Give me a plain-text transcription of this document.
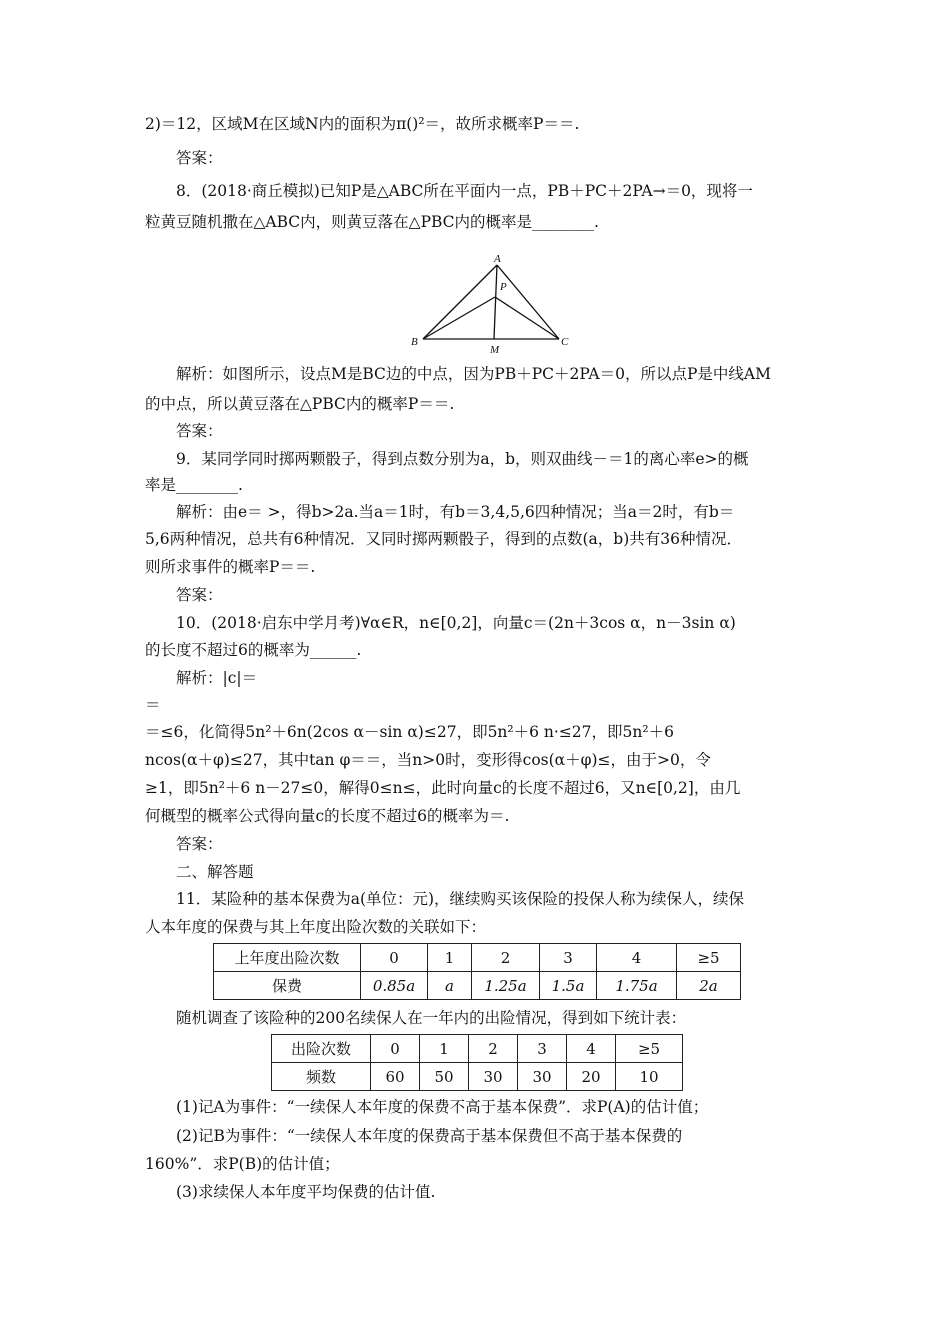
2)＝12，区域M在区域N内的面积为π()²＝，故所求概率P＝＝.
答案：
8．(2018·商丘模拟)已知P是△ABC所在平面内一点，PB＋PC＋2PA→＝0，现将一
粒黄豆随机撒在△ABC内，则黄豆落在△PBC内的概率是________.
A
B	C
P
M
解析：如图所示，设点M是BC边的中点，因为PB＋PC＋2PA＝0，所以点P是中线AM
的中点，所以黄豆落在△PBC内的概率P＝＝.
答案：
9．某同学同时掷两颗骰子，得到点数分别为a，b，则双曲线－＝1的离心率e>的概
率是________.
解析：由e＝ >，得b>2a.当a＝1时，有b＝3,4,5,6四种情况；当a＝2时，有b＝
5,6两种情况，总共有6种情况．又同时掷两颗骰子，得到的点数(a，b)共有36种情况．
则所求事件的概率P＝＝.
答案：
10．(2018·启东中学月考)∀α∈R，n∈[0,2]，向量c＝(2n＋3cos α，n－3sin α)
的长度不超过6的概率为______.
解析：|c|＝
＝
＝≤6，化简得5n²＋6n(2cos α－sin α)≤27，即5n²＋6 n·≤27，即5n²＋6
ncos(α＋φ)≤27，其中tan φ＝＝，当n>0时，变形得cos(α＋φ)≤，由于>0，令
≥1，即5n²＋6 n－27≤0，解得0≤n≤，此时向量c的长度不超过6，又n∈[0,2]，由几
何概型的概率公式得向量c的长度不超过6的概率为＝.
答案：
二、解答题
11．某险种的基本保费为a(单位：元)，继续购买该保险的投保人称为续保人，续保
人本年度的保费与其上年度出险次数的关联如下：
上年度出险次数	0	1	2	3	4	≥5
保费	0.85a	a	1.25a	1.5a	1.75a	2a
随机调查了该险种的200名续保人在一年内的出险情况，得到如下统计表：
出险次数	0	1	2	3	4	≥5
频数	60	50	30	30	20	10
(1)记A为事件：“一续保人本年度的保费不高于基本保费”．求P(A)的估计值；
(2)记B为事件：“一续保人本年度的保费高于基本保费但不高于基本保费的
160%”．求P(B)的估计值；
(3)求续保人本年度平均保费的估计值.
